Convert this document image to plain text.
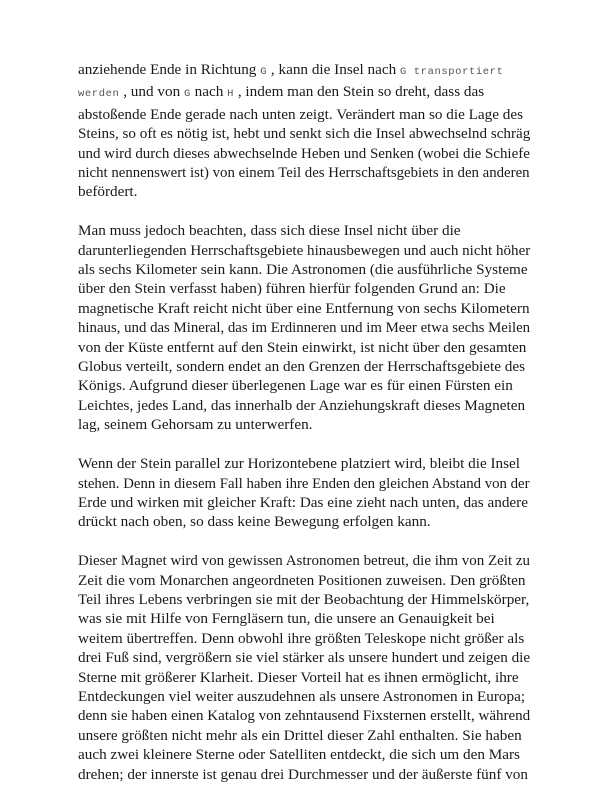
anziehende Ende in Richtung G , kann die Insel nach G transportiert
werden , und von G nach H , indem man den Stein so dreht, dass das
abstoßende Ende gerade nach unten zeigt. Verändert man so die Lage des
Steins, so oft es nötig ist, hebt und senkt sich die Insel abwechselnd schräg
und wird durch dieses abwechselnde Heben und Senken (wobei die Schiefe
nicht nennenswert ist) von einem Teil des Herrschaftsgebiets in den anderen
befördert.
Man muss jedoch beachten, dass sich diese Insel nicht über die
darunterliegenden Herrschaftsgebiete hinausbewegen und auch nicht höher
als sechs Kilometer sein kann. Die Astronomen (die ausführliche Systeme
über den Stein verfasst haben) führen hierfür folgenden Grund an: Die
magnetische Kraft reicht nicht über eine Entfernung von sechs Kilometern
hinaus, und das Mineral, das im Erdinneren und im Meer etwa sechs Meilen
von der Küste entfernt auf den Stein einwirkt, ist nicht über den gesamten
Globus verteilt, sondern endet an den Grenzen der Herrschaftsgebiete des
Königs. Aufgrund dieser überlegenen Lage war es für einen Fürsten ein
Leichtes, jedes Land, das innerhalb der Anziehungskraft dieses Magneten
lag, seinem Gehorsam zu unterwerfen.
Wenn der Stein parallel zur Horizontebene platziert wird, bleibt die Insel
stehen. Denn in diesem Fall haben ihre Enden den gleichen Abstand von der
Erde und wirken mit gleicher Kraft: Das eine zieht nach unten, das andere
drückt nach oben, so dass keine Bewegung erfolgen kann.
Dieser Magnet wird von gewissen Astronomen betreut, die ihm von Zeit zu
Zeit die vom Monarchen angeordneten Positionen zuweisen. Den größten
Teil ihres Lebens verbringen sie mit der Beobachtung der Himmelskörper,
was sie mit Hilfe von Ferngläsern tun, die unsere an Genauigkeit bei
weitem übertreffen. Denn obwohl ihre größten Teleskope nicht größer als
drei Fuß sind, vergrößern sie viel stärker als unsere hundert und zeigen die
Sterne mit größerer Klarheit. Dieser Vorteil hat es ihnen ermöglicht, ihre
Entdeckungen viel weiter auszudehnen als unsere Astronomen in Europa;
denn sie haben einen Katalog von zehntausend Fixsternen erstellt, während
unsere größten nicht mehr als ein Drittel dieser Zahl enthalten. Sie haben
auch zwei kleinere Sterne oder Satelliten entdeckt, die sich um den Mars
drehen; der innerste ist genau drei Durchmesser und der äußerste fünf von
